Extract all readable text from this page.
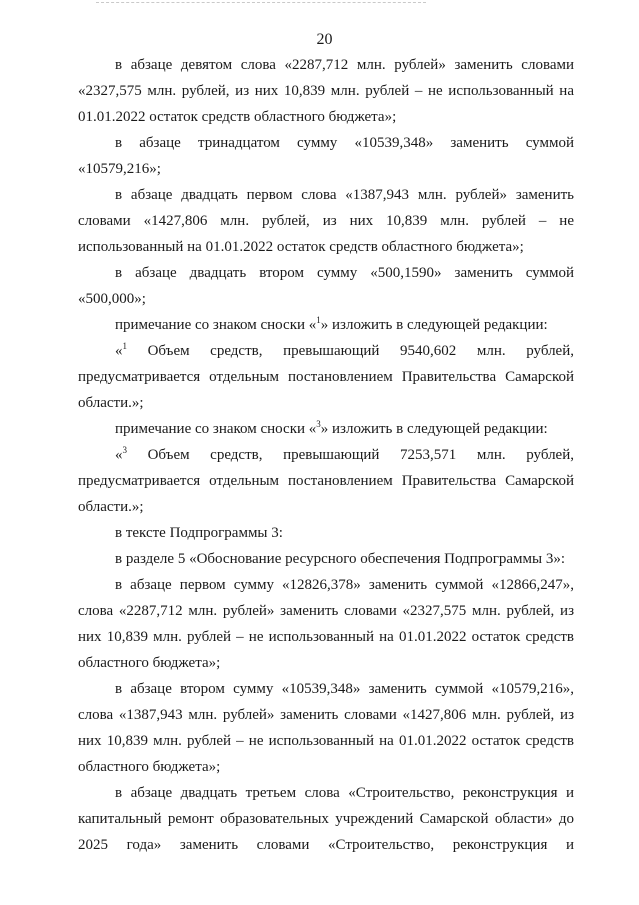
20

в абзаце девятом слова «2287,712 млн. рублей» заменить словами «2327,575 млн. рублей, из них 10,839 млн. рублей – не использованный на 01.01.2022 остаток средств областного бюджета»;

в абзаце тринадцатом сумму «10539,348» заменить суммой «10579,216»;

в абзаце двадцать первом слова «1387,943 млн. рублей» заменить словами «1427,806 млн. рублей, из них 10,839 млн. рублей – не использованный на 01.01.2022 остаток средств областного бюджета»;

в абзаце двадцать втором сумму «500,1590» заменить суммой «500,000»;

примечание со знаком сноски «$^1$» изложить в следующей редакции:

«$^1$ Объем средств, превышающий 9540,602 млн. рублей, предусматривается отдельным постановлением Правительства Самарской области.»;

примечание со знаком сноски «$^3$» изложить в следующей редакции:

«$^3$ Объем средств, превышающий 7253,571 млн. рублей, предусматривается отдельным постановлением Правительства Самарской области.»;

в тексте Подпрограммы 3:

в разделе 5 «Обоснование ресурсного обеспечения Подпрограммы 3»:

в абзаце первом сумму «12826,378» заменить суммой «12866,247», слова «2287,712 млн. рублей» заменить словами «2327,575 млн. рублей, из них 10,839 млн. рублей – не использованный на 01.01.2022 остаток средств областного бюджета»;

в абзаце втором сумму «10539,348» заменить суммой «10579,216», слова «1387,943 млн. рублей» заменить словами «1427,806 млн. рублей, из них 10,839 млн. рублей – не использованный на 01.01.2022 остаток средств областного бюджета»;

в абзаце двадцать третьем слова «Строительство, реконструкция и капитальный ремонт образовательных учреждений Самарской области» до 2025 года» заменить словами «Строительство, реконструкция и
